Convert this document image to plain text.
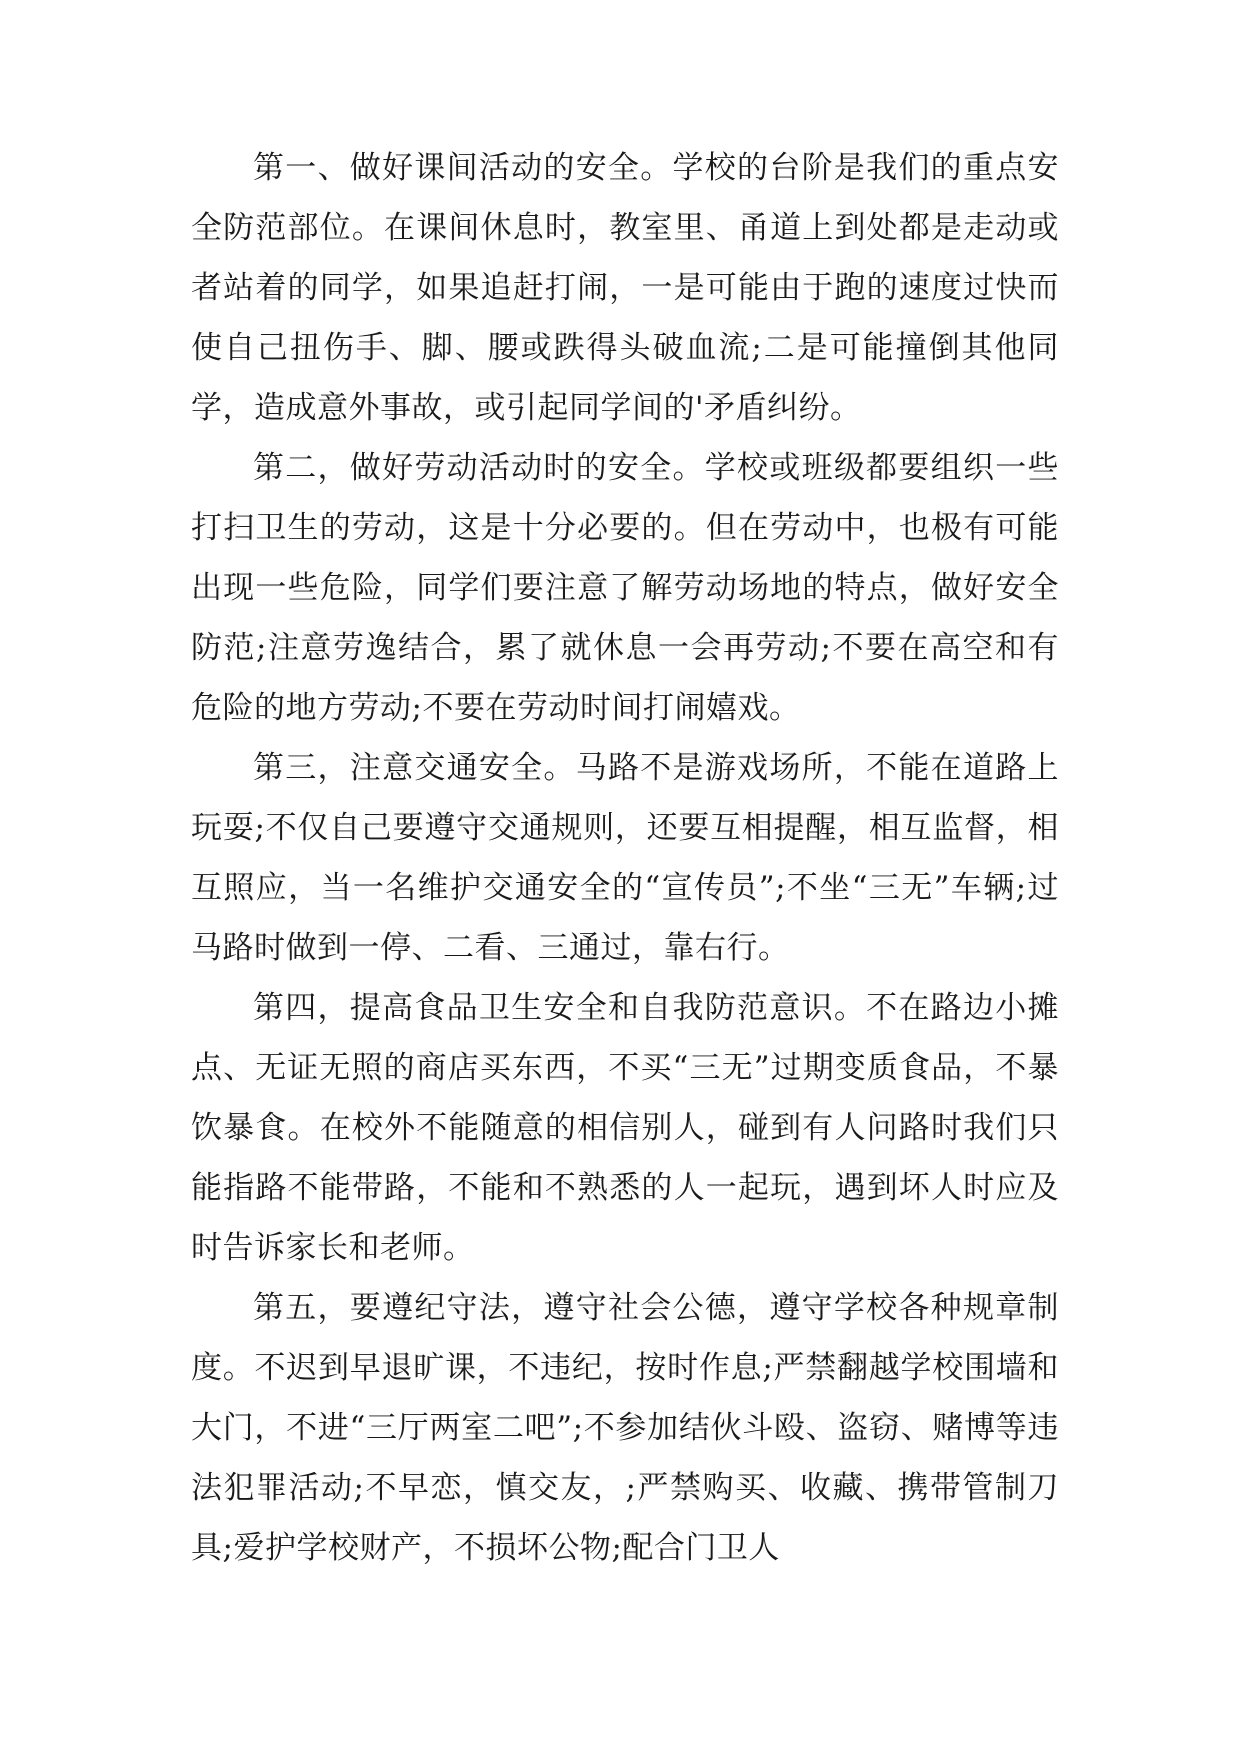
第一、做好课间活动的安全。学校的台阶是我们的重点安全防范部位。在课间休息时，教室里、甬道上到处都是走动或者站着的同学，如果追赶打闹，一是可能由于跑的速度过快而使自己扭伤手、脚、腰或跌得头破血流;二是可能撞倒其他同学，造成意外事故，或引起同学间的'矛盾纠纷。

第二，做好劳动活动时的安全。学校或班级都要组织一些打扫卫生的劳动，这是十分必要的。但在劳动中，也极有可能出现一些危险，同学们要注意了解劳动场地的特点，做好安全防范;注意劳逸结合，累了就休息一会再劳动;不要在高空和有危险的地方劳动;不要在劳动时间打闹嬉戏。

第三，注意交通安全。马路不是游戏场所，不能在道路上玩耍;不仅自己要遵守交通规则，还要互相提醒，相互监督，相互照应，当一名维护交通安全的“宣传员”;不坐“三无”车辆;过马路时做到一停、二看、三通过，靠右行。

第四，提高食品卫生安全和自我防范意识。不在路边小摊点、无证无照的商店买东西，不买“三无”过期变质食品，不暴饮暴食。在校外不能随意的相信别人，碰到有人问路时我们只能指路不能带路，不能和不熟悉的人一起玩，遇到坏人时应及时告诉家长和老师。

第五，要遵纪守法，遵守社会公德，遵守学校各种规章制度。不迟到早退旷课，不违纪，按时作息;严禁翻越学校围墙和大门，不进“三厅两室二吧”;不参加结伙斗殴、盗窃、赌博等违法犯罪活动;不早恋，慎交友，;严禁购买、收藏、携带管制刀具;爱护学校财产，不损坏公物;配合门卫人
